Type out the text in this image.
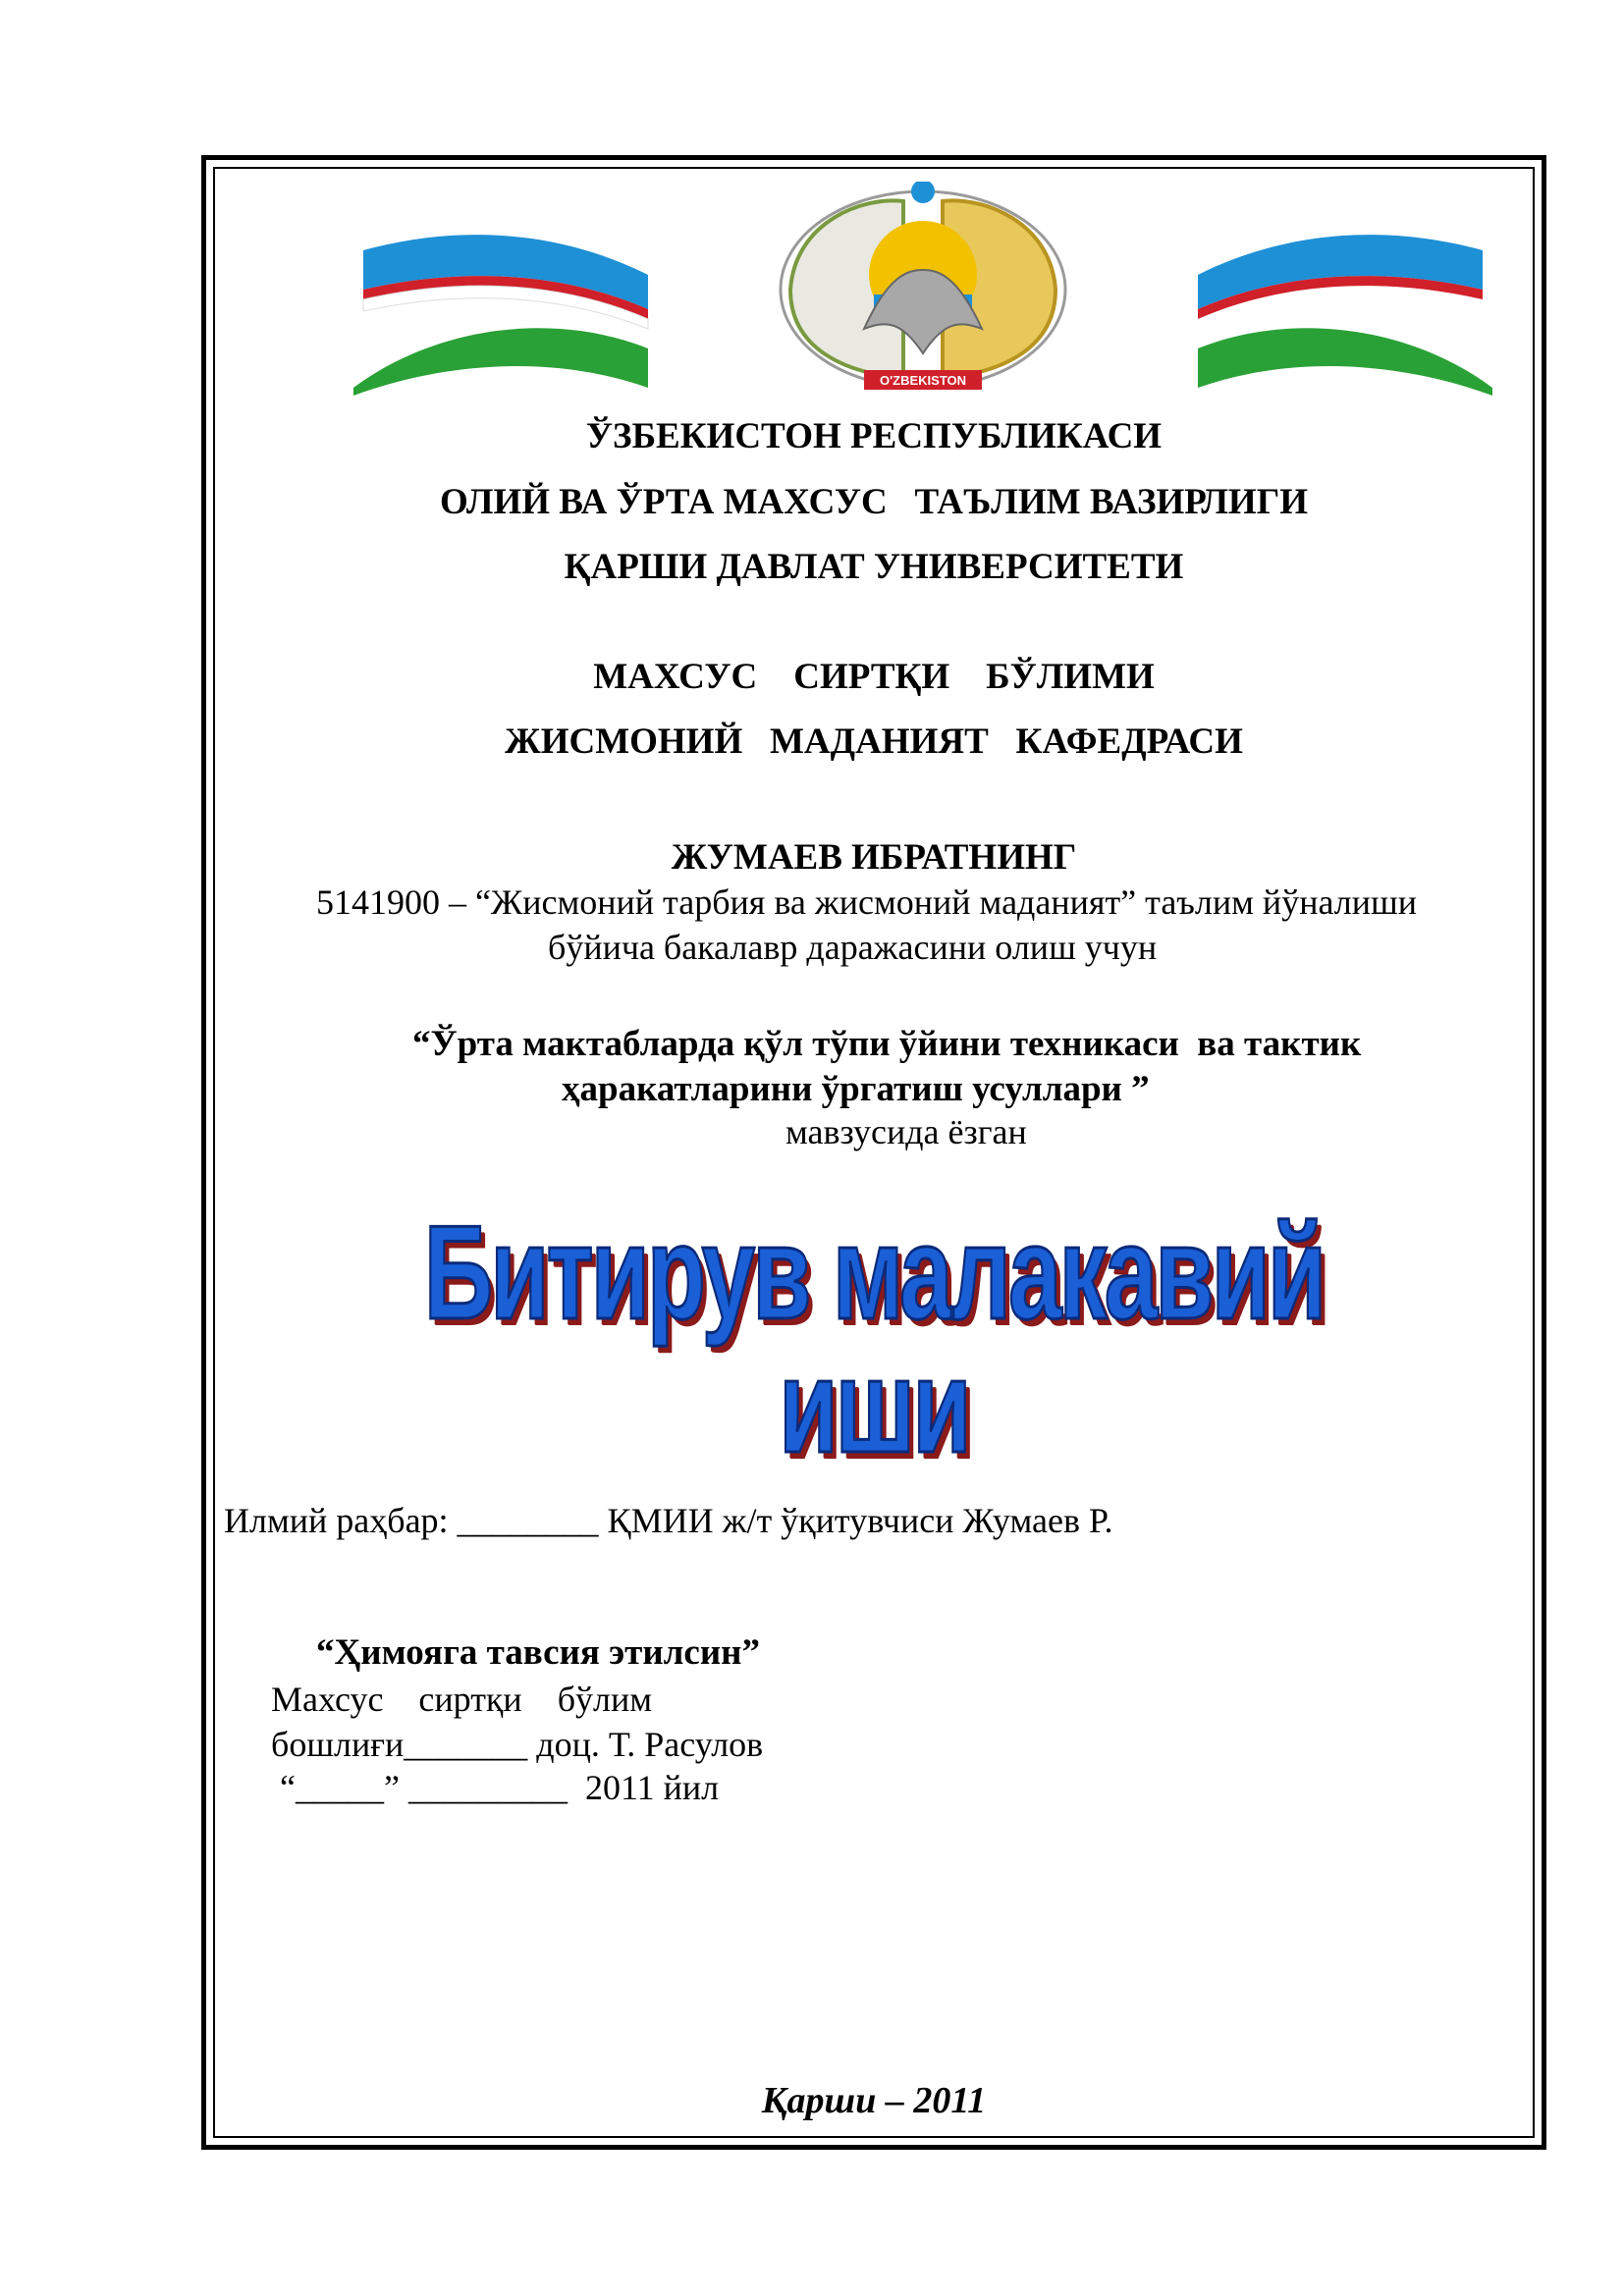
O'ZBEKISTON
ЎЗБЕКИСТОН РЕСПУБЛИКАСИ
ОЛИЙ ВА ЎРТА МАХСУС   ТАЪЛИМ ВАЗИРЛИГИ
ҚАРШИ ДАВЛАТ УНИВЕРСИТЕТИ
МАХСУС    СИРТҚИ    БЎЛИМИ
ЖИСМОНИЙ   МАДАНИЯТ   КАФЕДРАСИ
ЖУМАЕВ ИБРАТНИНГ
5141900 – “Жисмоний тарбия ва жисмоний маданият” таълим йўналиши
бўйича бакалавр даражасини олиш учун
“Ўрта мактабларда қўл тўпи ўйини техникаси  ва тактик
ҳаракатларини ўргатиш усуллари ”
мавзусида ёзган
Битирув малакавий иши
Илмий раҳбар: ________ ҚМИИ ж/т ўқитувчиси Жумаев Р.
“Ҳимояга тавсия этилсин”
Махсус    сиртқи    бўлим
бошлиғи_______ доц. Т. Расулов
“_____” _________  2011 йил
Қарши – 2011
